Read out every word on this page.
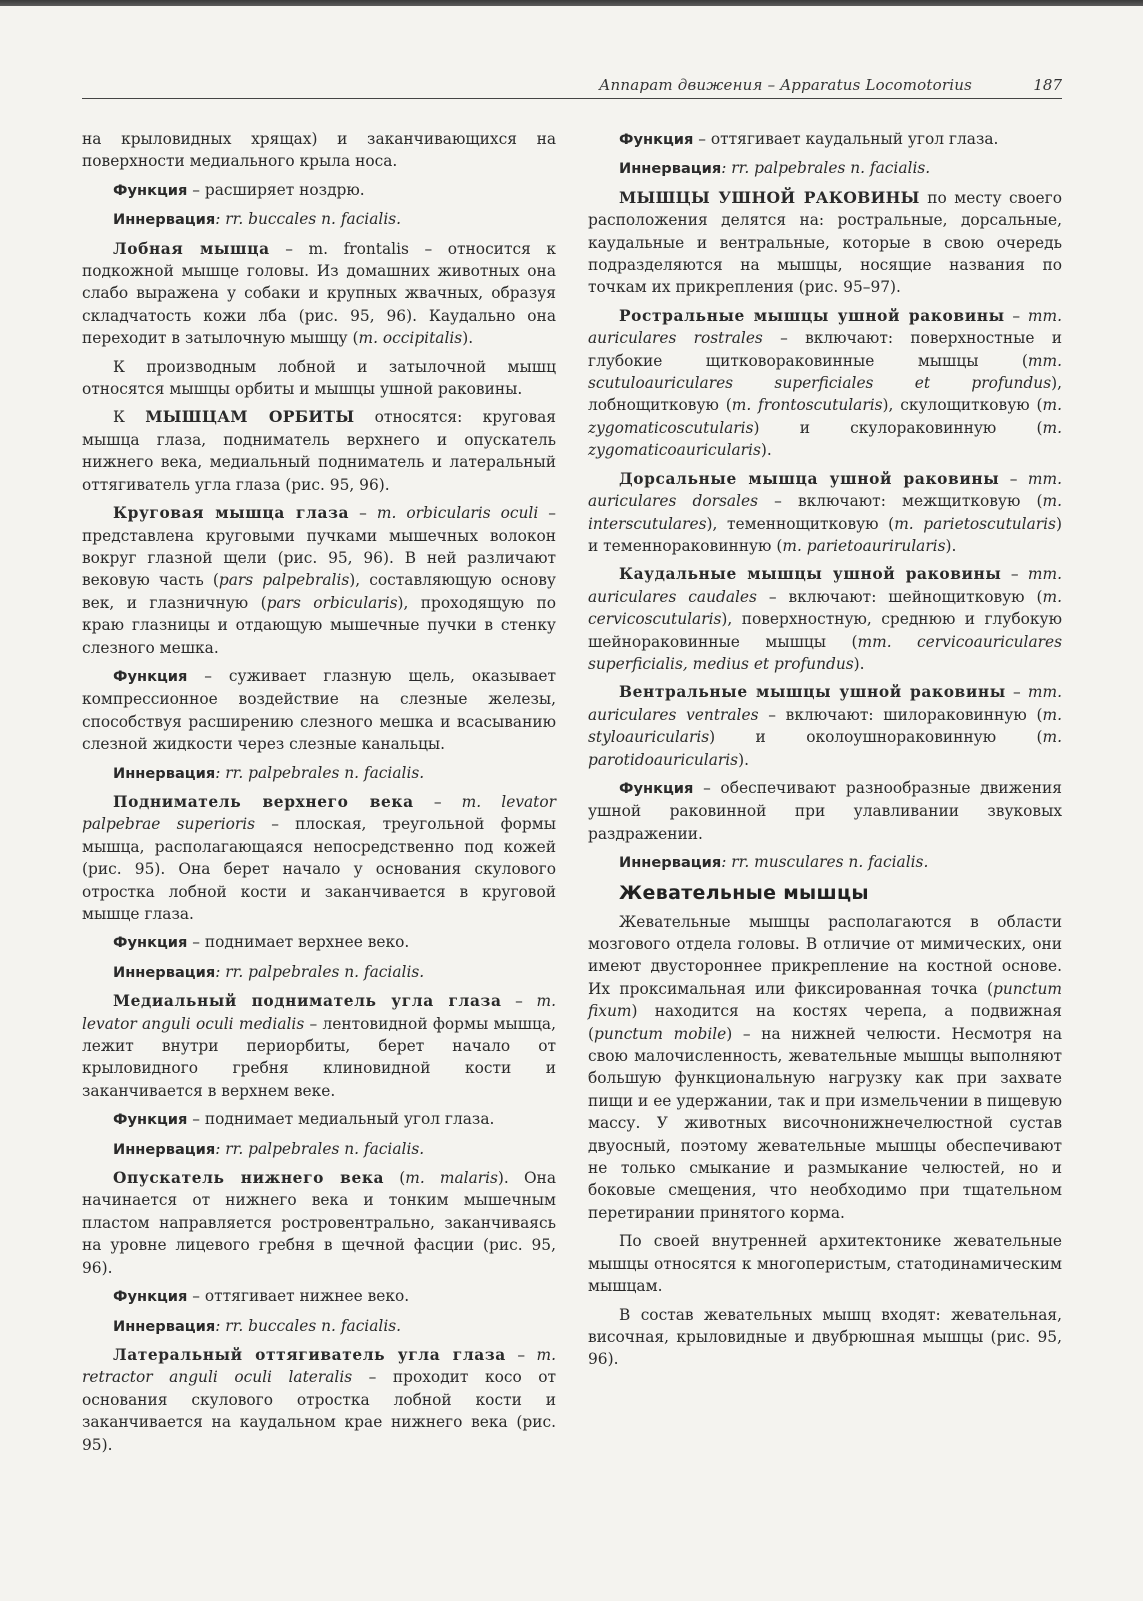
Аппарат движения – Apparatus Locomotorius	187

на крыловидных хрящах) и заканчивающихся на поверхности медиального крыла носа.

Функция – расширяет ноздрю.

Иннервация: rr. buccales n. facialis.

Лобная мышца – m. frontalis – относится к подкожной мышце головы. Из домашних животных она слабо выражена у собаки и крупных жвачных, образуя складчатость кожи лба (рис. 95, 96). Каудально она переходит в затылочную мышцу (m. occipitalis).

К производным лобной и затылочной мышц относятся мышцы орбиты и мышцы ушной раковины.

К МЫШЦАМ ОРБИТЫ относятся: круговая мышца глаза, подниматель верхнего и опускатель нижнего века, медиальный подниматель и латеральный оттягиватель угла глаза (рис. 95, 96).

Круговая мышца глаза – m. orbicularis oculi – представлена круговыми пучками мышечных волокон вокруг глазной щели (рис. 95, 96). В ней различают вековую часть (pars palpebralis), составляющую основу век, и глазничную (pars orbicularis), проходящую по краю глазницы и отдающую мышечные пучки в стенку слезного мешка.

Функция – суживает глазную щель, оказывает компрессионное воздействие на слезные железы, способствуя расширению слезного мешка и всасыванию слезной жидкости через слезные канальцы.

Иннервация: rr. palpebrales n. facialis.

Подниматель верхнего века – m. levator palpebrae superioris – плоская, треугольной формы мышца, располагающаяся непосредственно под кожей (рис. 95). Она берет начало у основания скулового отростка лобной кости и заканчивается в круговой мышце глаза.

Функция – поднимает верхнее веко.

Иннервация: rr. palpebrales n. facialis.

Медиальный подниматель угла глаза – m. levator anguli oculi medialis – лентовидной формы мышца, лежит внутри периорбиты, берет начало от крыловидного гребня клиновидной кости и заканчивается в верхнем веке.

Функция – поднимает медиальный угол глаза.

Иннервация: rr. palpebrales n. facialis.

Опускатель нижнего века (m. malaris). Она начинается от нижнего века и тонким мышечным пластом направляется ростровентрально, заканчиваясь на уровне лицевого гребня в щечной фасции (рис. 95, 96).

Функция – оттягивает нижнее веко.

Иннервация: rr. buccales n. facialis.

Латеральный оттягиватель угла глаза – m. retractor anguli oculi lateralis – проходит косо от основания скулового отростка лобной кости и заканчивается на каудальном крае нижнего века (рис. 95).

Функция – оттягивает каудальный угол глаза.

Иннервация: rr. palpebrales n. facialis.

МЫШЦЫ УШНОЙ РАКОВИНЫ по месту своего расположения делятся на: ростральные, дорсальные, каудальные и вентральные, которые в свою очередь подразделяются на мышцы, носящие названия по точкам их прикрепления (рис. 95–97).

Ростральные мышцы ушной раковины – mm. auriculares rostrales – включают: поверхностные и глубокие щитковораковинные мышцы (mm. scutuloauriculares superficiales et profundus), лобнощитковую (m. frontoscutularis), скулощитковую (m. zygomaticoscutularis) и скулораковинную (m. zygomaticoauricularis).

Дорсальные мышца ушной раковины – mm. auriculares dorsales – включают: межщитковую (m. interscutulares), теменнощитковую (m. parietoscutularis) и теменнораковинную (m. parietoaurirularis).

Каудальные мышцы ушной раковины – mm. auriculares caudales – включают: шейнощитковую (m. cervicoscutularis), поверхностную, среднюю и глубокую шейнораковинные мышцы (mm. cervicoauriculares superficialis, medius et profundus).

Вентральные мышцы ушной раковины – mm. auriculares ventrales – включают: шилораковинную (m. styloauricularis) и околоушнораковинную (m. parotidoauricularis).

Функция – обеспечивают разнообразные движения ушной раковинной при улавливании звуковых раздражении.

Иннервация: rr. musculares n. facialis.

Жевательные мышцы

Жевательные мышцы располагаются в области мозгового отдела головы. В отличие от мимических, они имеют двустороннее прикрепление на костной основе. Их проксимальная или фиксированная точка (punctum fixum) находится на костях черепа, а подвижная (punctum mobile) – на нижней челюсти. Несмотря на свою малочисленность, жевательные мышцы выполняют большую функциональную нагрузку как при захвате пищи и ее удержании, так и при измельчении в пищевую массу. У животных височнонижнечелюстной сустав двуосный, поэтому жевательные мышцы обеспечивают не только смыкание и размыкание челюстей, но и боковые смещения, что необходимо при тщательном перетирании принятого корма.

По своей внутренней архитектонике жевательные мышцы относятся к многоперистым, статодинамическим мышцам.

В состав жевательных мышц входят: жевательная, височная, крыловидные и двубрюшная мышцы (рис. 95, 96).
